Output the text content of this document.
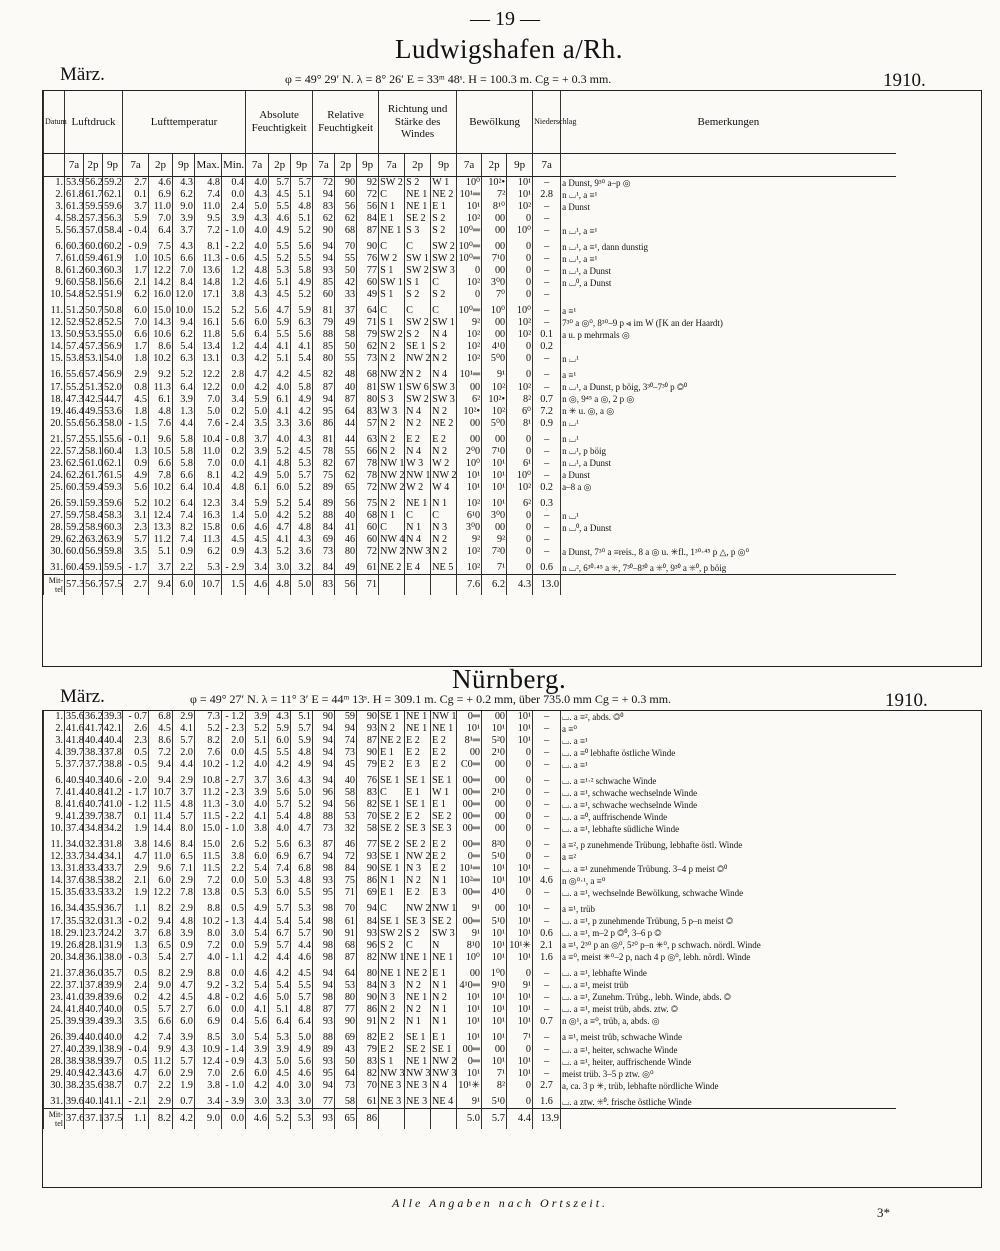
— 19 —
Ludwigshafen a/Rh.
März.	φ = 49° 29′ N. λ = 8° 26′ E = 33ᵐ 48ˢ. H = 100.3 m. Cg = + 0.3 mm.	1910.
Datum	Luftdruck			Lufttemperatur					Absolute Feuchtigkeit			Relative Feuchtigkeit			Richtung und Stärke des Windes			Bewölkung			Niederschlag	Bemerkungen
	7a	2p	9p	7a	2p	9p	Max.	Min.	7a	2p	9p	7a	2p	9p	7a	2p	9p	7a	2p	9p	7a	
1.	53.9	56.2	59.2	2.7	4.6	4.3	4.8	0.4	4.0	5.7	5.7	72	90	92	SW 2	S 2	W 1	10⁰	10²•	10¹	–	a Dunst, 9³⁰ a–p ◎
2.	61.8	61.7	62.1	0.1	6.9	6.2	7.4	0.0	4.3	4.5	5.1	94	60	72	C	NE 1	NE 2	10¹═	7²	10¹	2.8	n ⌴¹, a ≡¹
3.	61.3	59.5	59.6	3.7	11.0	9.0	11.0	2.4	5.0	5.5	4.8	83	56	56	N 1	NE 1	E 1	10¹	8¹⁰	10²	–	a Dunst
4.	58.2	57.3	56.3	5.9	7.0	3.9	9.5	3.9	4.3	4.6	5.1	62	62	84	E 1	SE 2	S 2	10²	00	0	–	
5.	56.3	57.0	58.4	- 0.4	6.4	3.7	7.2	- 1.0	4.0	4.9	5.2	90	68	87	NE 1	S 3	S 2	10⁰═	00	10⁰	–	n ⌴¹, a ≡¹

6.	60.3	60.0	60.2	- 0.9	7.5	4.3	8.1	- 2.2	4.0	5.5	5.6	94	70	90	C	C	SW 2	10⁰═	00	0	–	n ⌴¹, a ≡¹, dann dunstig
7.	61.0	59.4	61.9	1.0	10.5	6.6	11.3	- 0.6	4.5	5.2	5.5	94	55	76	W 2	SW 1	SW 2	10⁰═	7¹0	0	–	n ⌴¹, a ≡¹
8.	61.2	60.3	60.3	1.7	12.2	7.0	13.6	1.2	4.8	5.3	5.8	93	50	77	S 1	SW 2	SW 3	0	00	0	–	n ⌴¹, a Dunst
9.	60.5	58.1	56.6	2.1	14.2	8.4	14.8	1.2	4.6	5.1	4.9	85	42	60	SW 1	S 1	C	10²	3⁰0	0	–	n ⌴⁰, a Dunst
10.	54.8	52.5	51.9	6.2	16.0	12.0	17.1	3.8	4.3	4.5	5.2	60	33	49	S 1	S 2	S 2	0	7⁰	0	–	

11.	51.2	50.7	50.8	6.0	15.0	10.0	15.2	5.2	5.6	4.7	5.9	81	37	64	C	C	C	10⁰═	10⁰	10⁰	–	a ≡¹
12.	52.9	52.8	52.5	7.0	14.3	9.4	16.1	5.6	6.0	5.9	6.3	79	49	71	S 1	SW 2	SW 1	9²	00	10²	–	7³⁰ a ◎⁰, 8³⁰–9 p ⪡ im W (⌈K an der Haardt)
13.	50.9	53.5	55.0	6.6	10.6	6.2	11.8	5.6	6.4	5.5	5.6	88	58	79	SW 2	S 2	N 4	10²	00	10²	0.1	a u. p mehrmals ◎
14.	57.4	57.3	56.9	1.7	8.6	5.4	13.4	1.2	4.4	4.1	4.1	85	50	62	N 2	SE 1	S 2	10²	4¹0	0	0.2	
15.	53.8	53.1	54.0	1.8	10.2	6.3	13.1	0.3	4.2	5.1	5.4	80	55	73	N 2	NW 2	N 2	10²	5⁰0	0	–	n ⌴¹

16.	55.6	57.4	56.9	2.9	9.2	5.2	12.2	2.8	4.7	4.2	4.5	82	48	68	NW 2	N 2	N 4	10¹═	9¹	0	–	a ≡¹
17.	55.2	51.3	52.0	0.8	11.3	6.4	12.2	0.0	4.2	4.0	5.8	87	40	81	SW 1	SW 6	SW 3	00	10²	10²	–	n ⌴¹, a Dunst, p böig, 3³⁰–7³⁰ p ◎⁰
18.	47.3	42.5	44.7	4.5	6.1	3.9	7.0	3.4	5.9	6.1	4.9	94	87	80	S 3	SW 2	SW 3	6²	10²•	8²	0.7	n ◎, 9⁴⁵ a ◎, 2 p ◎
19.	46.4	49.5	53.6	1.8	4.8	1.3	5.0	0.2	5.0	4.1	4.2	95	64	83	W 3	N 4	N 2	10²•	10²	6⁰	7.2	n ✳ u. ◎, a ◎
20.	55.6	56.3	58.0	- 1.5	7.6	4.4	7.6	- 2.4	3.5	3.3	3.6	86	44	57	N 2	N 2	NE 2	00	5⁰0	8¹	0.9	n ⌴¹

21.	57.2	55.1	55.6	- 0.1	9.6	5.8	10.4	- 0.8	3.7	4.0	4.3	81	44	63	N 2	E 2	E 2	00	00	0	–	n ⌴¹
22.	57.2	58.1	60.4	1.3	10.5	5.8	11.0	0.2	3.9	5.2	4.5	78	55	66	N 2	N 4	N 2	2⁰0	7¹0	0	–	n ⌴¹, p böig
23.	62.5	61.0	62.1	0.9	6.6	5.8	7.0	0.0	4.1	4.8	5.3	82	67	78	NW 1	W 3	W 2	10⁰	10¹	6¹	–	n ⌴¹, a Dunst
24.	62.2	61.7	61.5	4.9	7.8	6.6	8.1	4.2	4.9	5.0	5.7	75	62	78	NW 2	NW 1	NW 2	10¹	10¹	10⁰	–	a Dunst
25.	60.3	59.4	59.3	5.6	10.2	6.4	10.4	4.8	6.1	6.0	5.2	89	65	72	NW 2	W 2	W 4	10¹	10¹	10²	0.2	a–8 a ◎

26.	59.1	59.3	59.6	5.2	10.2	6.4	12.3	3.4	5.9	5.2	5.4	89	56	75	N 2	NE 1	N 1	10²	10¹	6²	0.3	
27.	59.7	58.4	58.3	3.1	12.4	7.4	16.3	1.4	5.0	4.2	5.2	88	40	68	N 1	C	C	6¹0	3⁰0	0	–	n ⌴¹
28.	59.2	58.9	60.3	2.3	13.3	8.2	15.8	0.6	4.6	4.7	4.8	84	41	60	C	N 1	N 3	3⁰0	00	0	–	n ⌴⁰, a Dunst
29.	62.2	63.2	63.9	5.7	11.2	7.4	11.3	4.5	4.5	4.1	4.3	69	46	60	NW 4	N 4	N 2	9²	9²	0	–	
30.	60.0	56.9	59.8	3.5	5.1	0.9	6.2	0.9	4.3	5.2	3.6	73	80	72	NW 2	NW 3	N 2	10²	7²0	0	–	a Dunst, 7³⁰ a ≡reis., 8 a ◎ u. ✳fl., 1³⁰·⁴⁵ p △, p ◎⁰

31.	60.4	59.1	59.5	- 1.7	3.7	2.2	5.3	- 2.9	3.4	3.0	3.2	84	49	61	NE 2	E 4	NE 5	10²	7¹	0	0.6	n ⌴², 6³⁰·⁴⁵ a ✳, 7³⁰–8³⁰ a ✳⁰, 9³⁰ a ✳⁰, p böig
Mit-tel	57.3	56.7	57.5	2.7	9.4	6.0	10.7	1.5	4.6	4.8	5.0	83	56	71				7.6	6.2	4.3	13.0	
Nürnberg.
März.	φ = 49° 27′ N. λ = 11° 3′ E = 44ᵐ 13ˢ. H = 309.1 m. Cg = + 0.2 mm, über 735.0 mm Cg = + 0.3 mm.	1910.
1.	35.6	36.2	39.3	- 0.7	6.8	2.9	7.3	- 1.2	3.9	4.3	5.1	90	59	90	SE 1	NE 1	NW 1	0═	00	10¹	–	⌴. a ≡², abds. ◎⁰
2.	41.6	41.7	42.1	2.6	4.5	4.1	5.2	- 2.3	5.2	5.9	5.7	94	94	93	N 2	NE 1	NE 1	10¹	10¹	10¹	–	a ≡⁰
3.	41.8	40.4	40.4	2.3	8.6	5.7	8.2	2.0	5.1	6.0	5.9	94	74	87	NE 2	E 2	E 2	8¹═	5²0	10¹	–	⌴. a ≡¹
4.	39.7	38.3	37.8	0.5	7.2	2.0	7.6	0.0	4.5	5.5	4.8	94	73	90	E 1	E 2	E 2	00	2¹0	0	–	⌴. a ≡⁰ lebhafte östliche Winde
5.	37.7	37.7	38.8	- 0.5	9.4	4.4	10.2	- 1.2	4.0	4.2	4.9	94	45	79	E 2	E 3	E 2	C0═	00	0	–	⌴. a ≡¹

6.	40.9	40.3	40.6	- 2.0	9.4	2.9	10.8	- 2.7	3.7	3.6	4.3	94	40	76	SE 1	SE 1	SE 1	00═	00	0	–	⌴. a ≡¹·² schwache Winde
7.	41.4	40.8	41.2	- 1.7	10.7	3.7	11.2	- 2.3	3.9	5.6	5.0	96	58	83	C	E 1	W 1	00═	2¹0	0	–	⌴. a ≡¹, schwache wechselnde Winde
8.	41.6	40.7	41.0	- 1.2	11.5	4.8	11.3	- 3.0	4.0	5.7	5.2	94	56	82	SE 1	SE 1	E 1	00═	00	0	–	⌴. a ≡¹, schwache wechselnde Winde
9.	41.2	39.7	38.7	0.1	11.4	5.7	11.5	- 2.2	4.1	5.4	4.8	88	53	70	SE 2	E 2	SE 2	00═	00	0	–	⌴. a ≡⁰, auffrischende Winde
10.	37.4	34.8	34.2	1.9	14.4	8.0	15.0	- 1.0	3.8	4.0	4.7	73	32	58	SE 2	SE 3	SE 3	00═	00	0	–	⌴. a ≡¹, lebhafte südliche Winde

11.	34.0	32.3	31.8	3.8	14.6	8.4	15.0	2.6	5.2	5.6	6.3	87	46	77	SE 2	SE 2	E 2	00═	8²0	0	–	a ≡², p zunehmende Trübung, lebhafte östl. Winde
12.	33.7	34.4	34.1	4.7	11.0	6.5	11.5	3.8	6.0	6.9	6.7	94	72	93	SE 1	NW 2	E 2	0═	5¹0	0	–	a ≡²
13.	31.8	33.4	33.7	2.9	9.6	7.1	11.5	2.2	5.4	7.4	6.8	98	84	90	SE 1	N 3	E 2	10¹═	10¹	10¹	–	⌴. a ≡¹ zunehmende Trübung. 3–4 p meist ◎⁰
14.	37.6	38.5	38.2	2.1	6.0	2.9	7.2	0.0	5.0	5.3	4.8	93	75	86	N 1	N 2	N 1	10²═	10¹	10¹	4.6	n ◎⁰·¹, a ≡⁰
15.	35.6	33.5	33.2	1.9	12.2	7.8	13.8	0.5	5.3	6.0	5.5	95	71	69	E 1	E 2	E 3	00═	4¹0	0	–	⌴. a ≡¹, wechselnde Bewölkung, schwache Winde

16.	34.4	35.9	36.7	1.1	8.2	2.9	8.8	0.5	4.9	5.7	5.3	98	70	94	C	NW 2	NW 1	9¹	00	10¹	–	a ≡¹, trüb
17.	35.5	32.0	31.3	- 0.2	9.4	4.8	10.2	- 1.3	4.4	5.4	5.4	98	61	84	SE 1	SE 3	SE 2	00═	5¹0	10¹	–	⌴. a ≡¹, p zunehmende Trübung, 5 p–n meist ◎
18.	29.1	23.7	24.2	3.7	6.8	3.9	8.0	3.0	5.4	6.7	5.7	90	91	93	SW 2	S 2	SW 3	9¹	10¹	10¹	0.6	⌴. a ≡¹, m–2 p ◎⁰, 3–6 p ◎
19.	26.8	28.1	31.9	1.3	6.5	0.9	7.2	0.0	5.9	5.7	4.4	98	68	96	S 2	C	N	8¹0	10¹	10¹✳	2.1	a ≡¹, 2³⁰ p an ◎⁰, 5²⁰ p–n ✳⁰, p schwach. nördl. Winde
20.	34.8	36.1	38.0	- 0.3	5.4	2.7	4.0	- 1.1	4.2	4.4	4.6	98	87	82	NW 1	NE 1	NE 1	10⁰	10¹	10¹	1.6	a ≡⁰, meist ✳⁰–2 p, nach 4 p ◎⁰, lebh. nördl. Winde

21.	37.8	36.0	35.7	0.5	8.2	2.9	8.8	0.0	4.6	4.2	4.5	94	64	80	NE 1	NE 2	E 1	00	1⁰0	0	–	⌴. a ≡¹, lebhafte Winde
22.	37.1	37.8	39.9	2.4	9.0	4.7	9.2	- 3.2	5.4	5.4	5.5	94	53	84	N 3	N 2	N 1	4¹0═	9¹0	9¹	–	⌴. a ≡¹, meist trüb
23.	41.0	39.8	39.6	0.2	4.2	4.5	4.8	- 0.2	4.6	5.0	5.7	98	80	90	N 3	NE 1	N 2	10¹	10¹	10¹	–	⌴. a ≡¹, Zunehm. Trübg., lebh. Winde, abds. ◎
24.	41.8	40.7	40.0	0.5	5.7	2.7	6.0	0.0	4.1	5.1	4.8	87	77	86	N 2	N 2	N 1	10¹	10¹	10¹	–	⌴. a ≡¹, meist trüb, abds. ztw. ◎
25.	39.9	39.4	39.3	3.5	6.6	6.0	6.9	0.4	5.6	6.4	6.4	93	90	91	N 2	N 1	N 1	10¹	10¹	10¹	0.7	n ◎¹, a ≡⁰, trüb, a, abds. ◎

26.	39.4	40.0	40.0	4.2	7.4	3.9	8.5	3.0	5.4	5.3	5.0	88	69	82	E 2	SE 1	E 1	10¹	10¹	7¹	–	a ≡¹, meist trüb, schwache Winde
27.	40.2	39.1	38.9	- 0.4	9.9	4.3	10.9	- 1.4	3.9	3.9	4.9	89	43	79	E 2	SE 2	SE 1	00═	00	0	–	⌴. a ≡¹, heiter, schwache Winde
28.	38.9	38.9	39.7	0.5	11.2	5.7	12.4	- 0.9	4.3	5.0	5.6	93	50	83	S 1	NE 1	NW 2	0═	10¹	10¹	–	⌴. a ≡¹, heiter, auffrischende Winde
29.	40.9	42.3	43.6	4.7	6.0	2.9	7.0	2.6	6.0	4.5	4.6	95	64	82	NW 3	NW 3	NW 3	10¹	7¹	10¹	–	meist trüb. 3–5 p ztw. ◎⁰
30.	38.2	35.6	38.7	0.7	2.2	1.9	3.8	- 1.0	4.2	4.0	3.0	94	73	70	NE 3	NE 3	N 4	10¹✳	8²	0	2.7	a, ca. 3 p ✳, trüb, lebhafte nördliche Winde

31.	39.6	40.1	41.1	- 2.1	2.9	0.7	3.4	- 3.9	3.0	3.3	3.0	77	58	61	NE 3	NE 3	NE 4	9¹	5¹0	0	1.6	⌴. a ztw. ✳⁰. frische östliche Winde
Mit-tel	37.6	37.1	37.5	1.1	8.2	4.2	9.0	0.0	4.6	5.2	5.3	93	65	86				5.0	5.7	4.4	13.9	
Alle Angaben nach Ortszeit.
3*
